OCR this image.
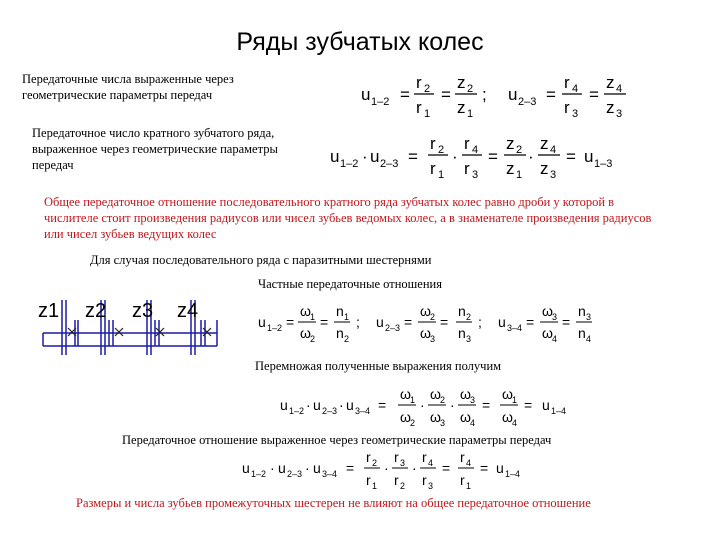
Ряды зубчатых колес
Передаточные числа выраженные через геометрические параметры передач	u 1–2 =
r 2
r 1
=
z 2
z 1
; u 2–3 =
r 4
r 3
=
z 4
z 3
Передаточное число кратного зубчатого ряда, выраженное через геометрические параметры передач	u 1–2 · u 2–3 =
r 2
r 1
·
r 4
r 3
=
z 2
z 1
·
z 4
z 3
= u 1–3
Общее передаточное отношение последовательного кратного ряда зубчатых колес равно дроби у которой в числителе стоит произведения радиусов или чисел зубьев ведомых колес, а в знаменателе произведения радиусов или чисел зубьев ведущих колес
Для случая последовательного ряда с паразитными шестернями
Частные передаточные отношения
z1 z2 z3 z4	u 1–2 =
ω 1
ω 2
=
n 1
n 2
; u 2–3 =
ω 2
ω 3
=
n 2
n 3
; u 3–4 =
ω 3
ω 4
=
n 3
n 4
Перемножая полученные выражения получим
u 1–2 · u 2–3 · u 3–4 =
ω 1
ω 2
·
ω 2
ω 3
·
ω 3
ω 4
=
ω 1
ω 4
= u 1–4
Передаточное отношение выраженное через геометрические параметры передач
u 1–2 · u 2–3 · u 3–4 =
r 2
r 1
·
r 3
r 2
·
r 4
r 3
=
r 4
r 1
= u 1–4
Размеры и числа зубьев промежуточных шестерен не влияют на общее передаточное отношение
